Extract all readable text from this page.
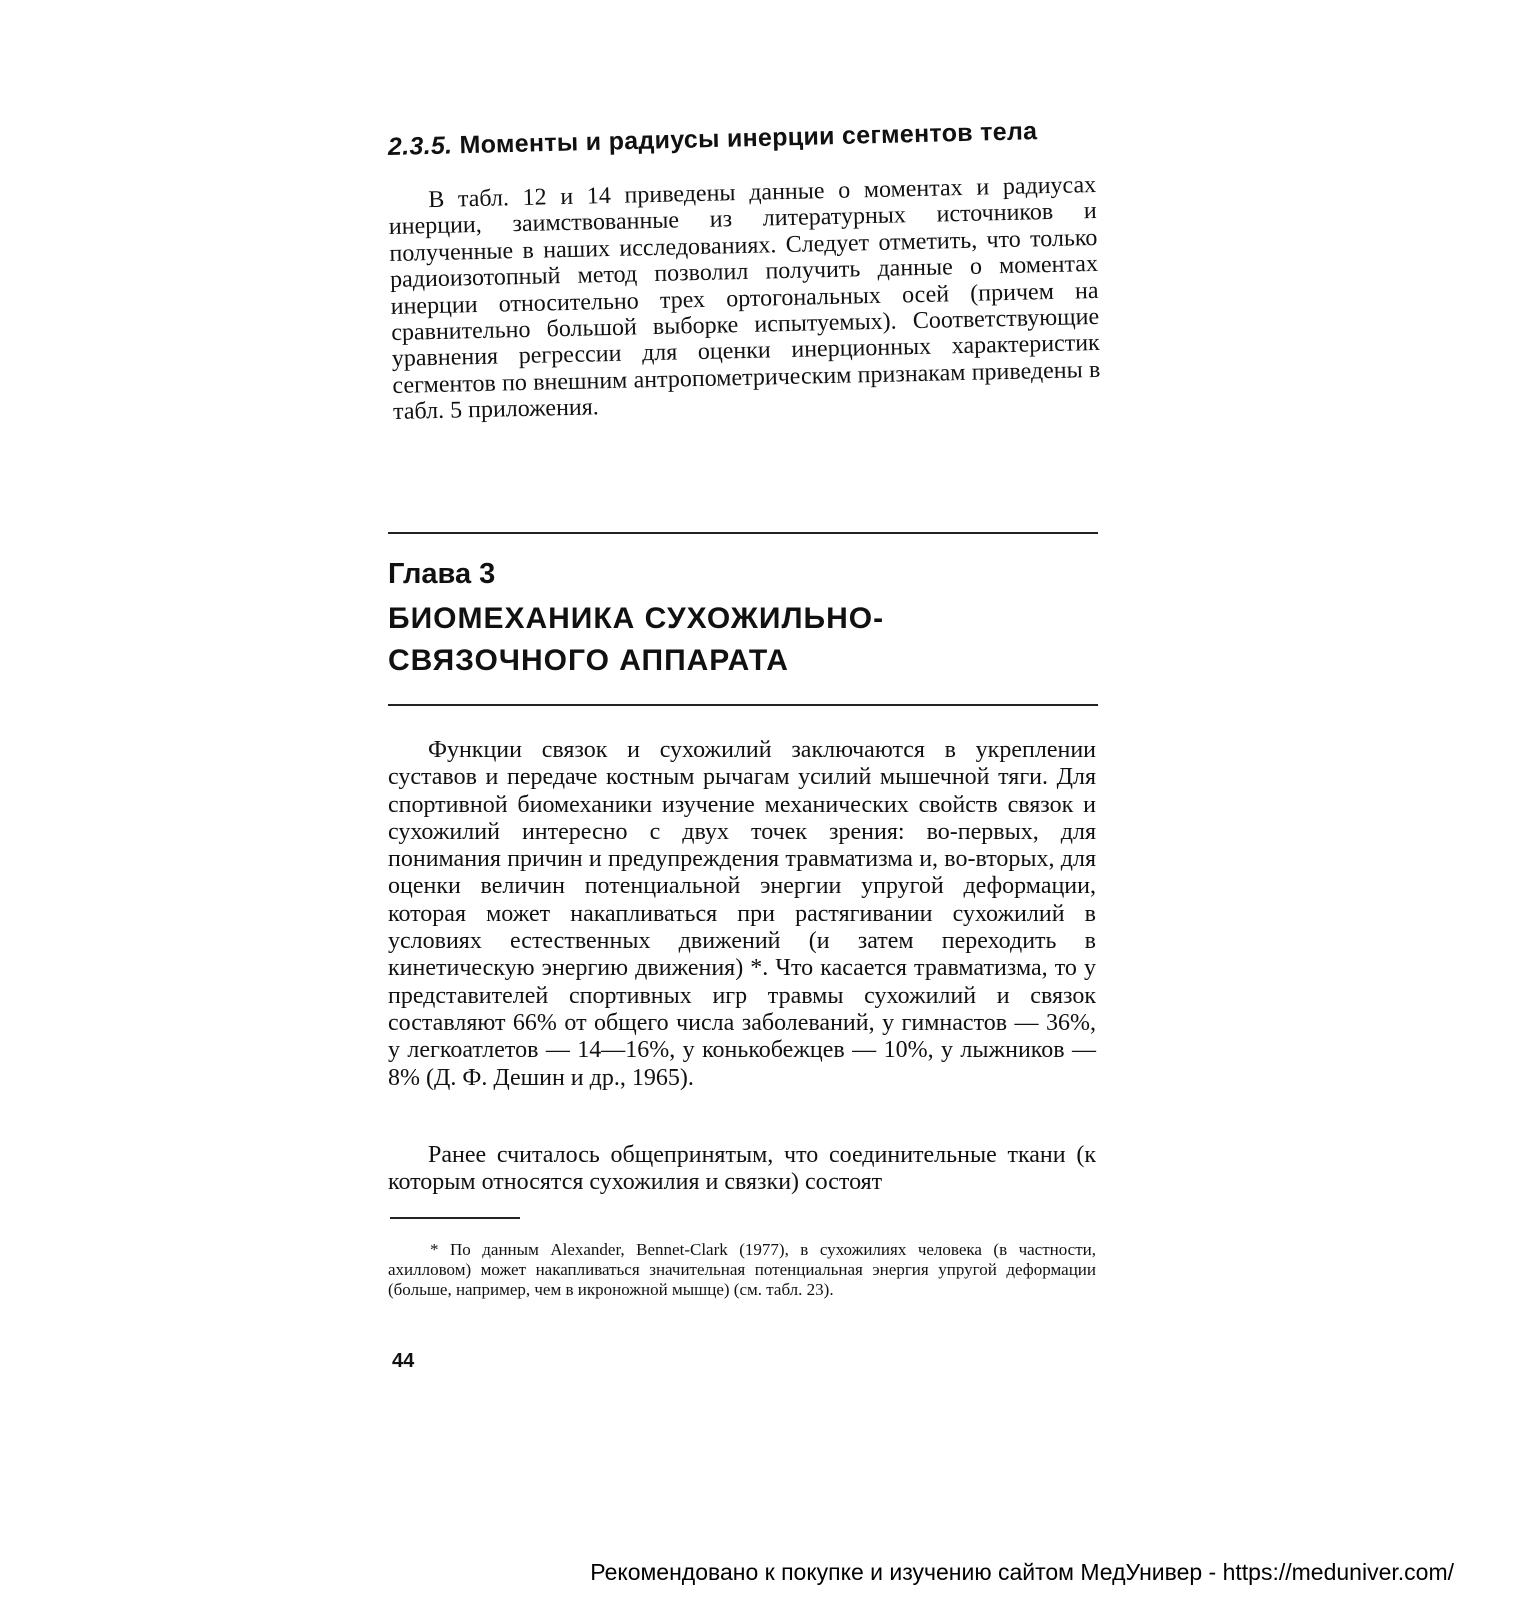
2.3.5. Моменты и радиусы инерции сегментов тела

В табл. 12 и 14 приведены данные о моментах и радиусах инерции, заимствованные из литературных источников и полученные в наших исследованиях. Следует отметить, что только радиоизотопный метод позволил получить данные о моментах инерции относительно трех ортогональных осей (причем на сравнительно большой выборке испытуемых). Соответствующие уравнения регрессии для оценки инерционных характеристик сегментов по внешним антропометрическим признакам приведены в табл. 5 приложения.

Глава 3
БИОМЕХАНИКА СУХОЖИЛЬНО-
СВЯЗОЧНОГО АППАРАТА

Функции связок и сухожилий заключаются в укреплении суставов и передаче костным рычагам усилий мышечной тяги. Для спортивной биомеханики изучение механических свойств связок и сухожилий интересно с двух точек зрения: во-первых, для понимания причин и предупреждения травматизма и, во-вторых, для оценки величин потенциальной энергии упругой деформации, которая может накапливаться при растягивании сухожилий в условиях естественных движений (и затем переходить в кинетическую энергию движения) *. Что касается травматизма, то у представителей спортивных игр травмы сухожилий и связок составляют 66% от общего числа заболеваний, у гимнастов — 36%, у легкоатлетов — 14—16%, у конькобежцев — 10%, у лыжников — 8% (Д. Ф. Дешин и др., 1965).

Ранее считалось общепринятым, что соединительные ткани (к которым относятся сухожилия и связки) состоят

* По данным Alexander, Bennet-Clark (1977), в сухожилиях человека (в частности, ахилловом) может накапливаться значительная потенциальная энергия упругой деформации (больше, например, чем в икроножной мышце) (см. табл. 23).

44
Рекомендовано к покупке и изучению сайтом МедУнивер - https://meduniver.com/
